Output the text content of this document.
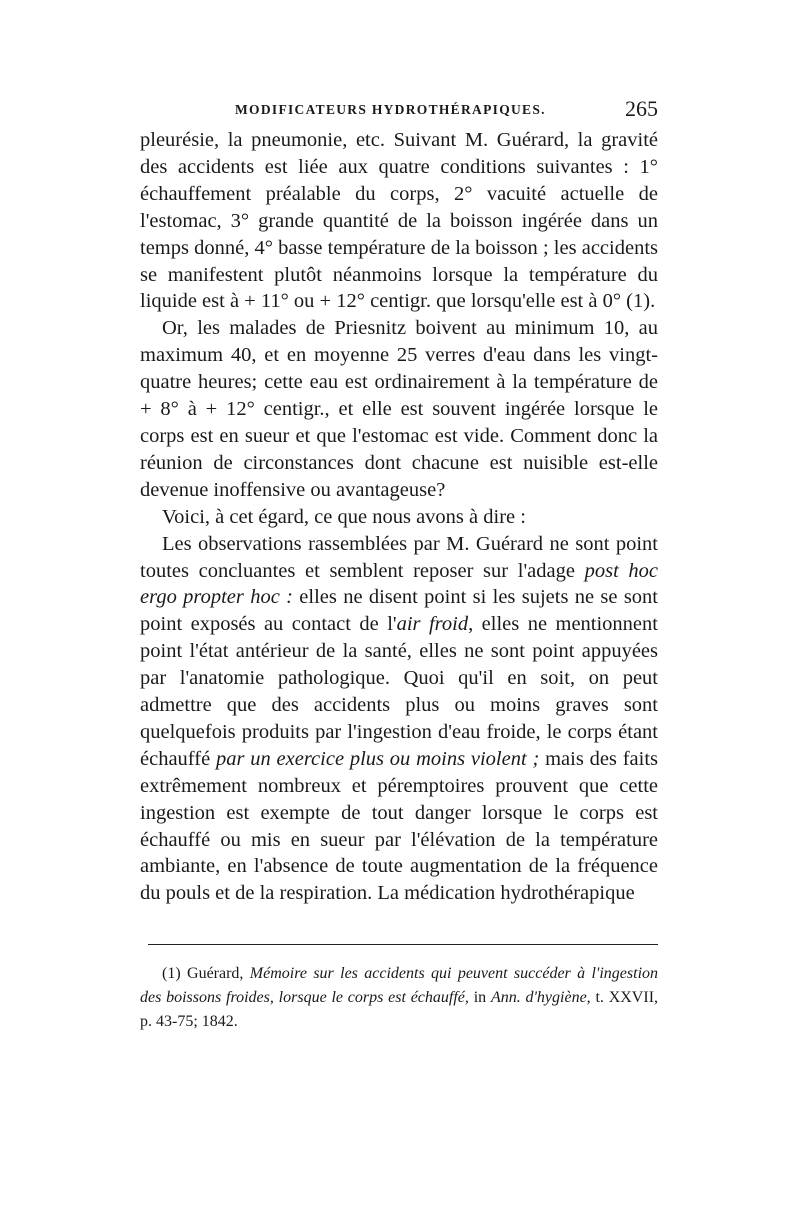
MODIFICATEURS HYDROTHÉRAPIQUES.	265

pleurésie, la pneumonie, etc. Suivant M. Guérard, la gravité des accidents est liée aux quatre conditions suivantes : 1° échauffement préalable du corps, 2° vacuité actuelle de l'estomac, 3° grande quantité de la boisson ingérée dans un temps donné, 4° basse température de la boisson ; les accidents se manifestent plutôt néanmoins lorsque la température du liquide est à + 11° ou + 12° centigr. que lorsqu'elle est à 0° (1).

Or, les malades de Priesnitz boivent au minimum 10, au maximum 40, et en moyenne 25 verres d'eau dans les vingt-quatre heures; cette eau est ordinairement à la température de + 8° à + 12° centigr., et elle est souvent ingérée lorsque le corps est en sueur et que l'estomac est vide. Comment donc la réunion de circonstances dont chacune est nuisible est-elle devenue inoffensive ou avantageuse?

Voici, à cet égard, ce que nous avons à dire :

Les observations rassemblées par M. Guérard ne sont point toutes concluantes et semblent reposer sur l'adage post hoc ergo propter hoc : elles ne disent point si les sujets ne se sont point exposés au contact de l'air froid, elles ne mentionnent point l'état antérieur de la santé, elles ne sont point appuyées par l'anatomie pathologique. Quoi qu'il en soit, on peut admettre que des accidents plus ou moins graves sont quelquefois produits par l'ingestion d'eau froide, le corps étant échauffé par un exercice plus ou moins violent ; mais des faits extrêmement nombreux et péremptoires prouvent que cette ingestion est exempte de tout danger lorsque le corps est échauffé ou mis en sueur par l'élévation de la température ambiante, en l'absence de toute augmentation de la fréquence du pouls et de la respiration. La médication hydrothérapique

(1) Guérard, Mémoire sur les accidents qui peuvent succéder à l'ingestion des boissons froides, lorsque le corps est échauffé, in Ann. d'hygiène, t. XXVII, p. 43-75; 1842.
